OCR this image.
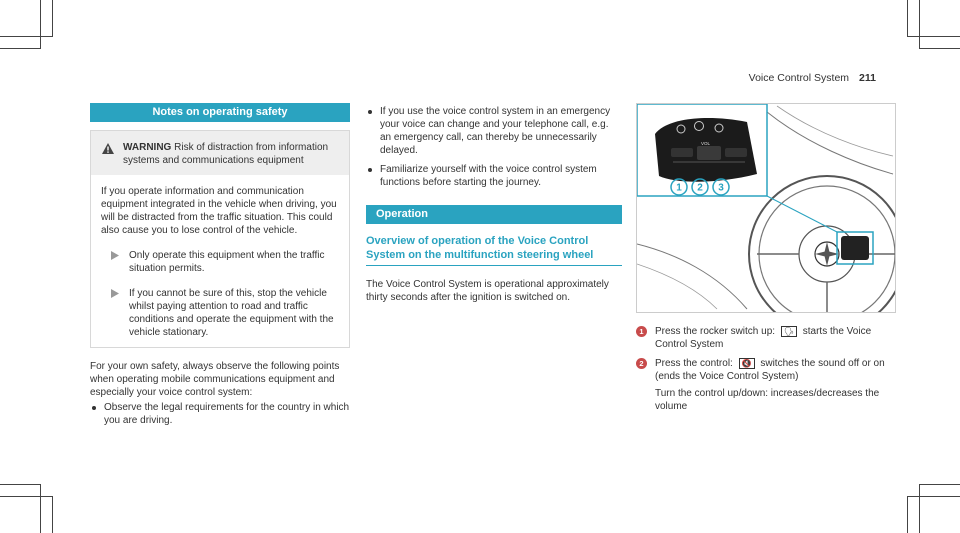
Voice Control System 211
Notes on operating safety
WARNING Risk of distraction from information systems and communications equipment
If you operate information and communication equipment integrated in the vehicle when driving, you will be distracted from the traffic situation. This could also cause you to lose control of the vehicle.
Only operate this equipment when the traffic situation permits.
If you cannot be sure of this, stop the vehicle whilst paying attention to road and traffic conditions and operate the equipment with the vehicle stationary.
For your own safety, always observe the following points when operating mobile communications equipment and especially your voice control system:
Observe the legal requirements for the country in which you are driving.
If you use the voice control system in an emergency your voice can change and your telephone call, e.g. an emergency call, can thereby be unnecessarily delayed.
Familiarize yourself with the voice control system functions before starting the journey.
Operation
Overview of operation of the Voice Control System on the multifunction steering wheel
The Voice Control System is operational approximately thirty seconds after the ignition is switched on.
VOL
1 2 3
1	Press the rocker switch up: 🗣 starts the Voice Control System
2	Press the control: 🔇 switches the sound off or on (ends the Voice Control System)
Turn the control up/down: increases/decreases the volume
